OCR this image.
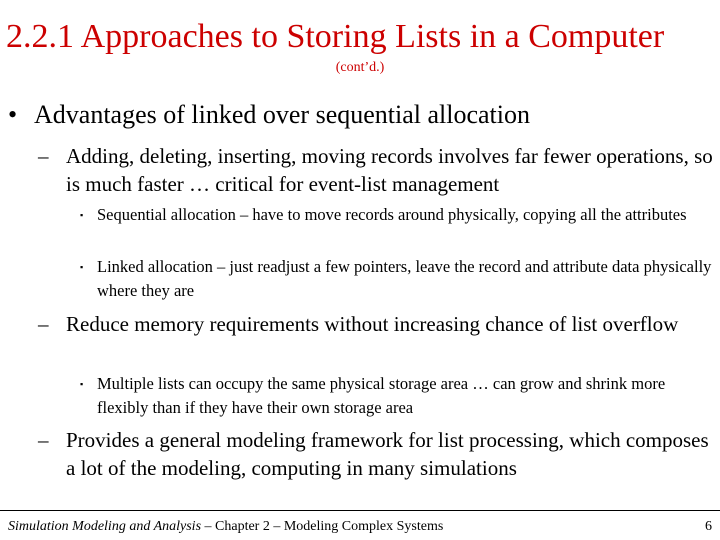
2.2.1 Approaches to Storing Lists in a Computer
(cont’d.)
• Advantages of linked over sequential allocation
– Adding, deleting, inserting, moving records involves far fewer operations, so is much faster … critical for event-list management
▪ Sequential allocation – have to move records around physically, copying all the attributes
▪ Linked allocation – just readjust a few pointers, leave the record and attribute data physically where they are
– Reduce memory requirements without increasing chance of list overflow
▪ Multiple lists can occupy the same physical storage area … can grow and shrink more flexibly than if they have their own storage area
– Provides a general modeling framework for list processing, which composes a lot of the modeling, computing in many simulations
Simulation Modeling and Analysis – Chapter 2 – Modeling Complex Systems	6
